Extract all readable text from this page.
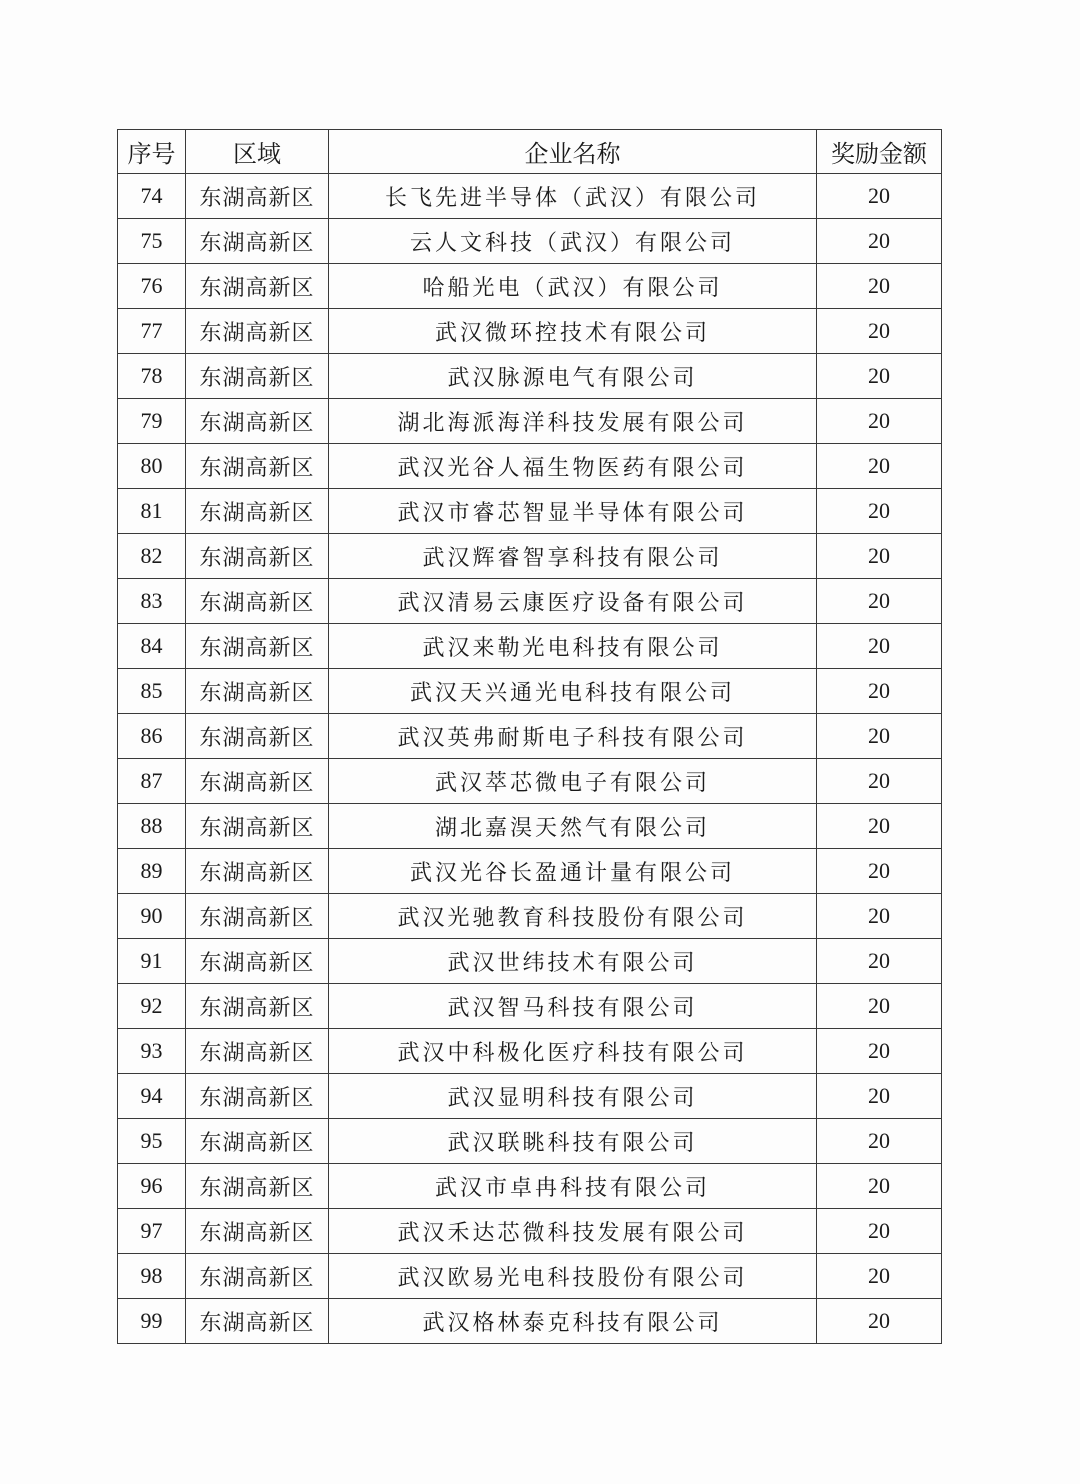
序号	区域	企业名称	奖励金额
74	东湖高新区	长飞先进半导体（武汉）有限公司	20
75	东湖高新区	云人文科技（武汉）有限公司	20
76	东湖高新区	哈船光电（武汉）有限公司	20
77	东湖高新区	武汉微环控技术有限公司	20
78	东湖高新区	武汉脉源电气有限公司	20
79	东湖高新区	湖北海派海洋科技发展有限公司	20
80	东湖高新区	武汉光谷人福生物医药有限公司	20
81	东湖高新区	武汉市睿芯智显半导体有限公司	20
82	东湖高新区	武汉辉睿智享科技有限公司	20
83	东湖高新区	武汉清易云康医疗设备有限公司	20
84	东湖高新区	武汉来勒光电科技有限公司	20
85	东湖高新区	武汉天兴通光电科技有限公司	20
86	东湖高新区	武汉英弗耐斯电子科技有限公司	20
87	东湖高新区	武汉萃芯微电子有限公司	20
88	东湖高新区	湖北嘉淏天然气有限公司	20
89	东湖高新区	武汉光谷长盈通计量有限公司	20
90	东湖高新区	武汉光驰教育科技股份有限公司	20
91	东湖高新区	武汉世纬技术有限公司	20
92	东湖高新区	武汉智马科技有限公司	20
93	东湖高新区	武汉中科极化医疗科技有限公司	20
94	东湖高新区	武汉显明科技有限公司	20
95	东湖高新区	武汉联眺科技有限公司	20
96	东湖高新区	武汉市卓冉科技有限公司	20
97	东湖高新区	武汉禾达芯微科技发展有限公司	20
98	东湖高新区	武汉欧易光电科技股份有限公司	20
99	东湖高新区	武汉格林泰克科技有限公司	20
